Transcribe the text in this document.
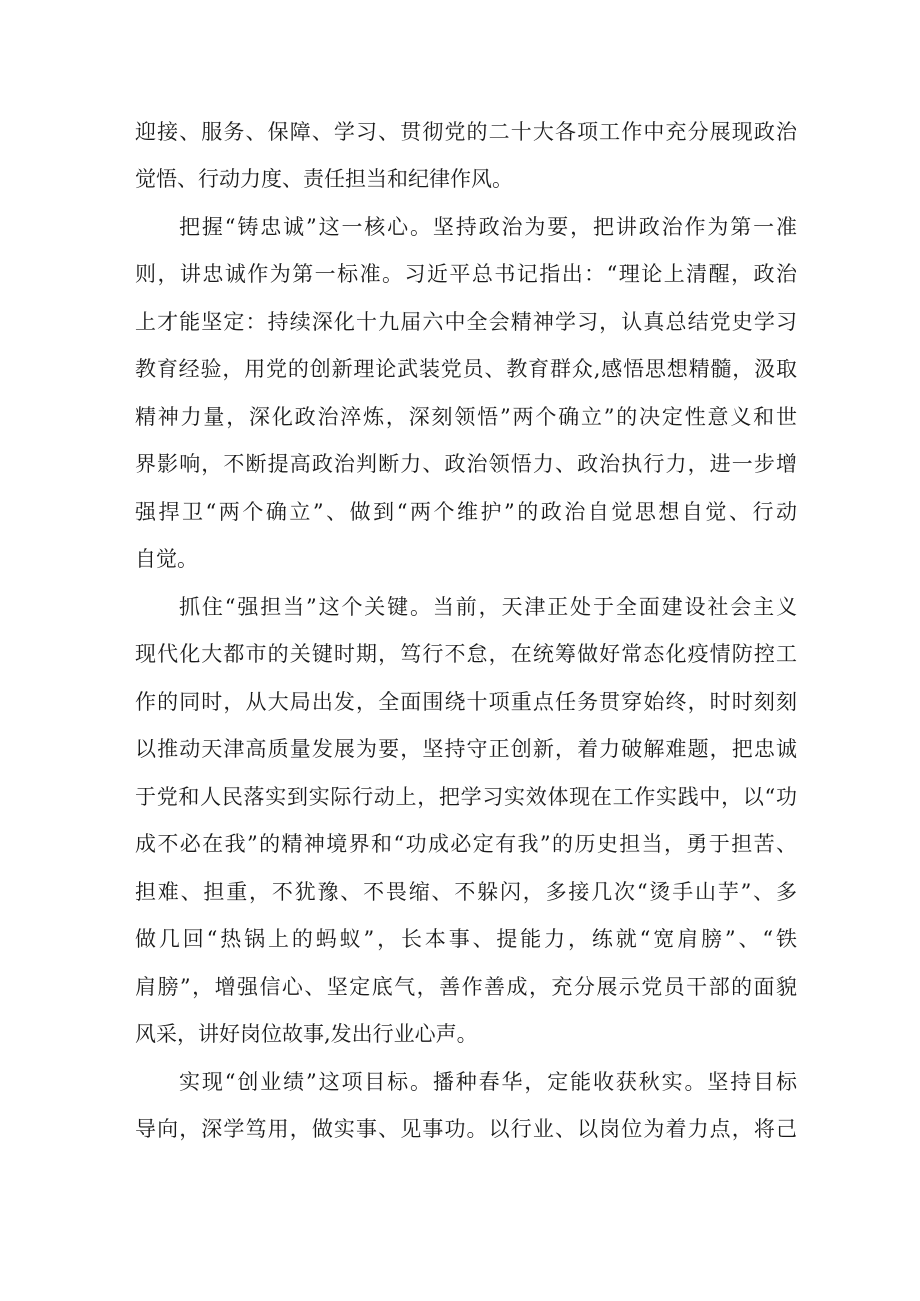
迎接、服务、保障、学习、贯彻党的二十大各项工作中充分展现政治
觉悟、行动力度、责任担当和纪律作风。
把握“铸忠诚”这一核心。坚持政治为要，把讲政治作为第一准
则，讲忠诚作为第一标准。习近平总书记指出：“理论上清醒，政治
上才能坚定：持续深化十九届六中全会精神学习，认真总结党史学习
教育经验，用党的创新理论武装党员、教育群众,感悟思想精髓，汲取
精神力量，深化政治淬炼，深刻领悟”两个确立”的决定性意义和世
界影响，不断提高政治判断力、政治领悟力、政治执行力，进一步增
强捍卫“两个确立”、做到“两个维护”的政治自觉思想自觉、行动
自觉。
抓住“强担当”这个关键。当前，天津正处于全面建设社会主义
现代化大都市的关键时期，笃行不怠，在统筹做好常态化疫情防控工
作的同时，从大局出发，全面围绕十项重点任务贯穿始终，时时刻刻
以推动天津高质量发展为要，坚持守正创新，着力破解难题，把忠诚
于党和人民落实到实际行动上，把学习实效体现在工作实践中，以“功
成不必在我”的精神境界和“功成必定有我”的历史担当，勇于担苦、
担难、担重，不犹豫、不畏缩、不躲闪，多接几次“烫手山芋”、多
做几回“热锅上的蚂蚁”，长本事、提能力，练就“宽肩膀”、“铁
肩膀”，增强信心、坚定底气，善作善成，充分展示党员干部的面貌
风采，讲好岗位故事,发出行业心声。
实现“创业绩”这项目标。播种春华，定能收获秋实。坚持目标
导向，深学笃用，做实事、见事功。以行业、以岗位为着力点，将己
